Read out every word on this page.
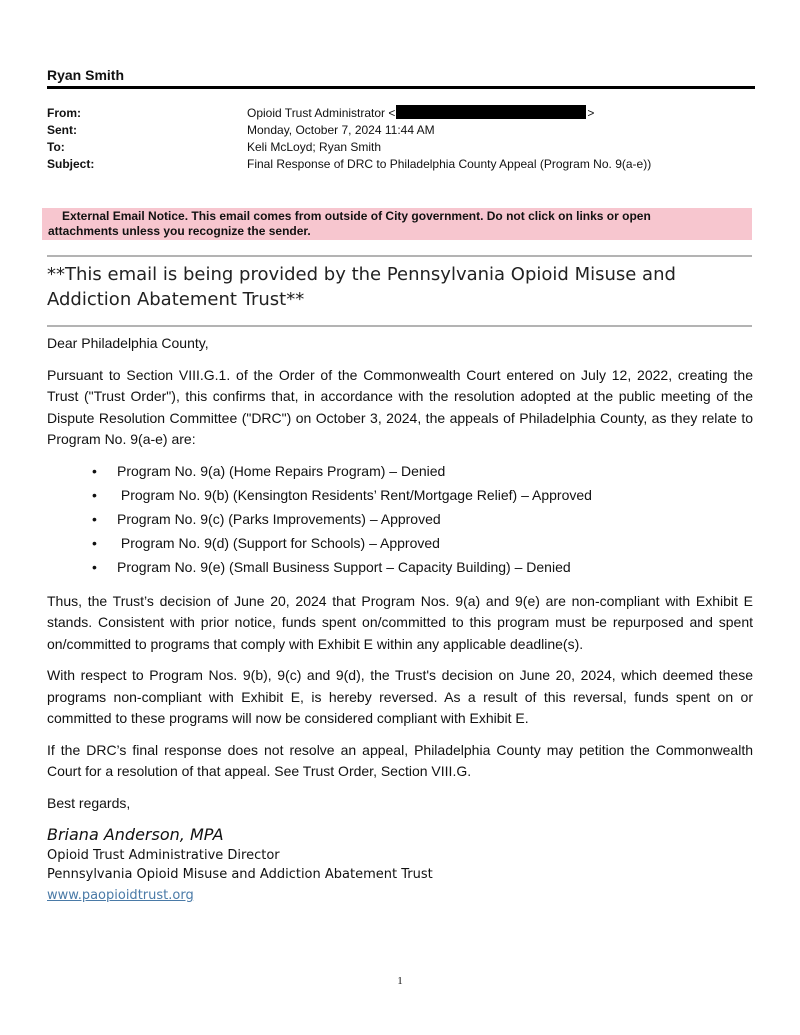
Ryan Smith
From:	Opioid Trust Administrator <	>
Sent:	Monday, October 7, 2024 11:44 AM
To:	Keli McLoyd; Ryan Smith
Subject:	Final Response of DRC to Philadelphia County Appeal (Program No. 9(a-e))
External Email Notice. This email comes from outside of City government. Do not click on links or open
attachments unless you recognize the sender.
**This email is being provided by the Pennsylvania Opioid Misuse and
Addiction Abatement Trust**

Dear Philadelphia County,

Pursuant to Section VIII.G.1. of the Order of the Commonwealth Court entered on July 12, 2022, creating the Trust ("Trust Order"), this confirms that, in accordance with the resolution adopted at the public meeting of the Dispute Resolution Committee ("DRC") on October 3, 2024, the appeals of Philadelphia County, as they relate to Program No. 9(a-e) are:

• Program No. 9(a) (Home Repairs Program) – Denied
•  Program No. 9(b) (Kensington Residents’ Rent/Mortgage Relief) – Approved
• Program No. 9(c) (Parks Improvements) – Approved
•  Program No. 9(d) (Support for Schools) – Approved
• Program No. 9(e) (Small Business Support – Capacity Building) – Denied

Thus, the Trust’s decision of June 20, 2024 that Program Nos. 9(a) and 9(e) are non-compliant with Exhibit E stands. Consistent with prior notice, funds spent on/committed to this program must be repurposed and spent on/committed to programs that comply with Exhibit E within any applicable deadline(s).

With respect to Program Nos. 9(b), 9(c) and 9(d), the Trust's decision on June 20, 2024, which deemed these programs non-compliant with Exhibit E, is hereby reversed. As a result of this reversal, funds spent on or committed to these programs will now be considered compliant with Exhibit E.

If the DRC’s final response does not resolve an appeal, Philadelphia County may petition the Commonwealth Court for a resolution of that appeal. See Trust Order, Section VIII.G.

Best regards,

Briana Anderson, MPA
Opioid Trust Administrative Director
Pennsylvania Opioid Misuse and Addiction Abatement Trust
www.paopioidtrust.org
1
